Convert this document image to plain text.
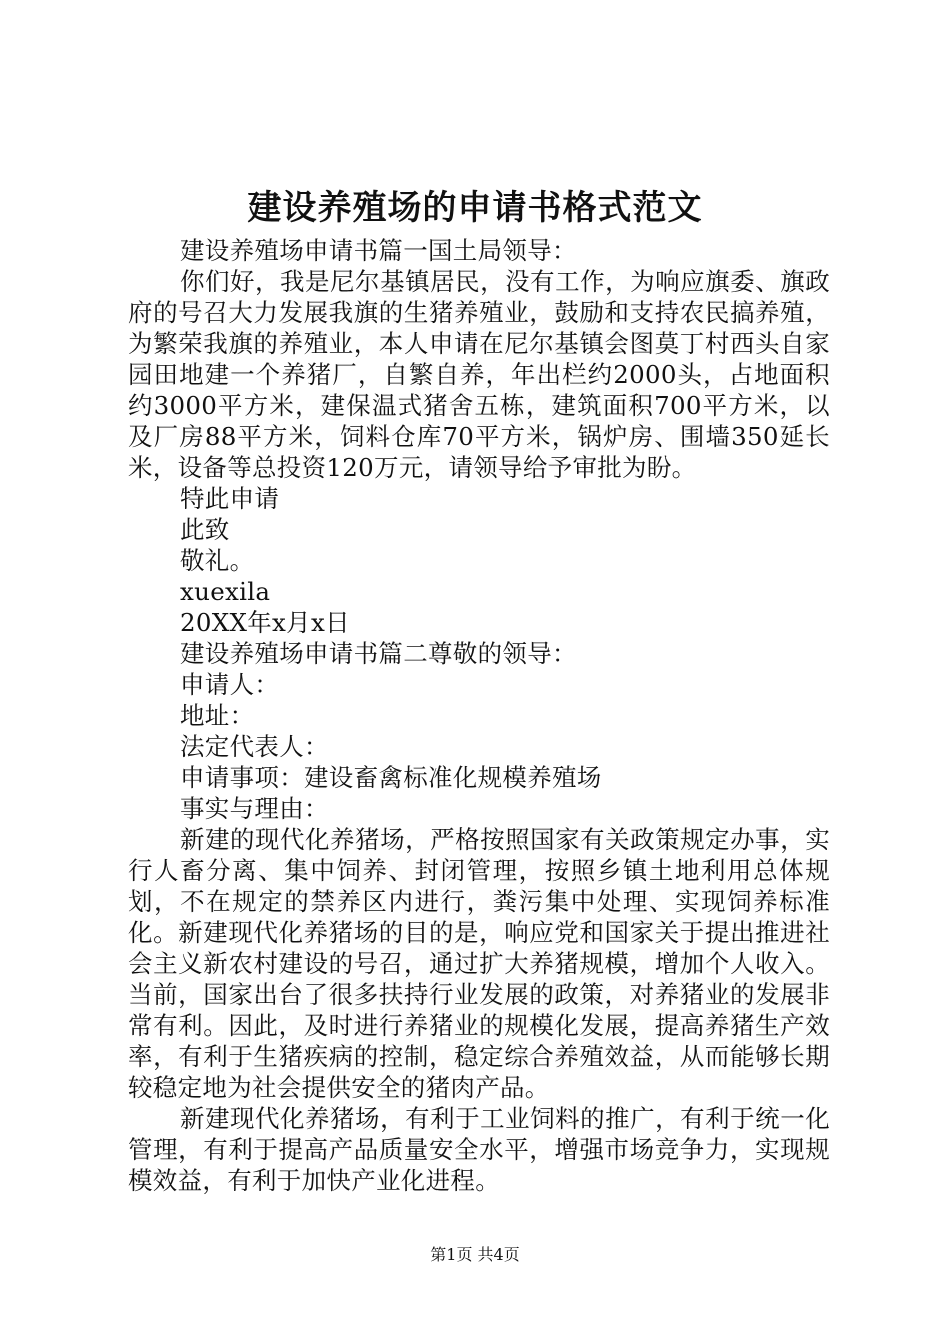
建设养殖场的申请书格式范文

建设养殖场申请书篇一国土局领导：

你们好，我是尼尔基镇居民，没有工作，为响应旗委、旗政府的号召大力发展我旗的生猪养殖业，鼓励和支持农民搞养殖，为繁荣我旗的养殖业，本人申请在尼尔基镇会图莫丁村西头自家园田地建一个养猪厂，自繁自养，年出栏约2000头，占地面积约3000平方米，建保温式猪舍五栋，建筑面积700平方米，以及厂房88平方米，饲料仓库70平方米，锅炉房、围墙350延长米，设备等总投资120万元，请领导给予审批为盼。

特此申请

此致

敬礼。

xuexila

20XX年x月x日

建设养殖场申请书篇二尊敬的领导：

申请人：

地址：

法定代表人：

申请事项：建设畜禽标准化规模养殖场

事实与理由：

新建的现代化养猪场，严格按照国家有关政策规定办事，实行人畜分离、集中饲养、封闭管理，按照乡镇土地利用总体规划，不在规定的禁养区内进行，粪污集中处理、实现饲养标准化。新建现代化养猪场的目的是，响应党和国家关于提出推进社会主义新农村建设的号召，通过扩大养猪规模，增加个人收入。当前，国家出台了很多扶持行业发展的政策，对养猪业的发展非常有利。因此，及时进行养猪业的规模化发展，提高养猪生产效率，有利于生猪疾病的控制，稳定综合养殖效益，从而能够长期较稳定地为社会提供安全的猪肉产品。

新建现代化养猪场，有利于工业饲料的推广，有利于统一化管理，有利于提高产品质量安全水平，增强市场竞争力，实现规模效益，有利于加快产业化进程。

第1页 共4页
